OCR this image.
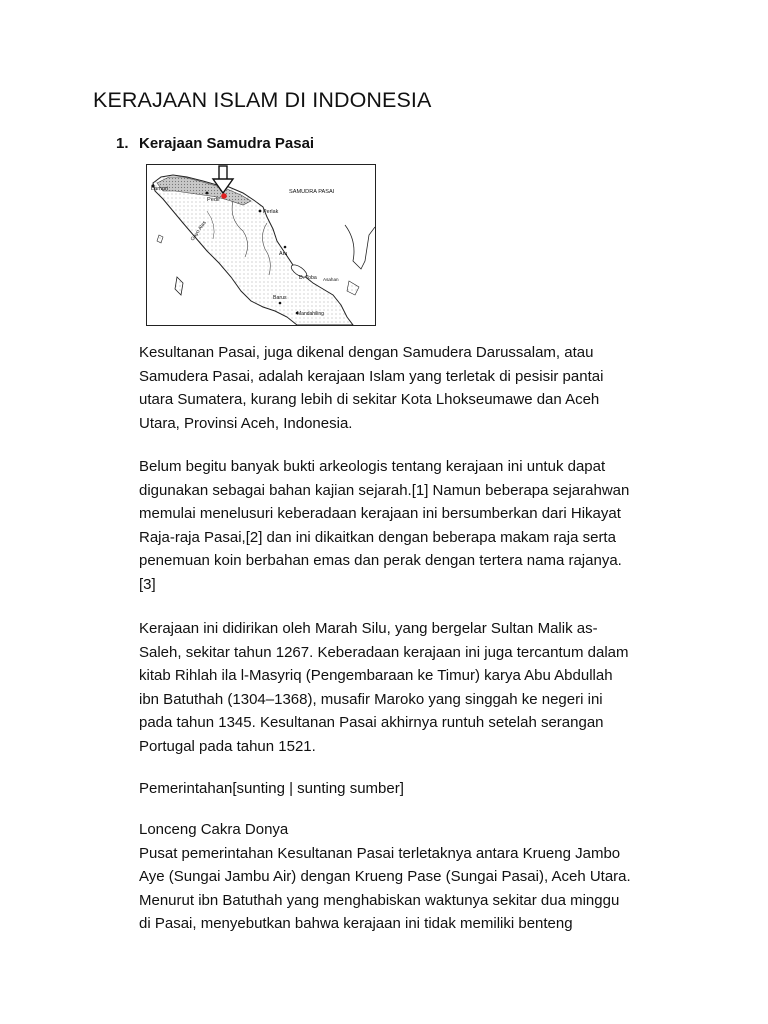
KERAJAAN ISLAM DI INDONESIA
1. Kerajaan Samudra Pasai
Lamuri
Pedir
SAMUDRA PASAI
Perlak
Gayo Alas
Aru
D. Toba Asahan
Barus
Mandahiling

Kesultanan Pasai, juga dikenal dengan Samudera Darussalam, atau
Samudera Pasai, adalah kerajaan Islam yang terletak di pesisir pantai
utara Sumatera, kurang lebih di sekitar Kota Lhokseumawe dan Aceh
Utara, Provinsi Aceh, Indonesia.

Belum begitu banyak bukti arkeologis tentang kerajaan ini untuk dapat
digunakan sebagai bahan kajian sejarah.[1] Namun beberapa sejarahwan
memulai menelusuri keberadaan kerajaan ini bersumberkan dari Hikayat
Raja-raja Pasai,[2] dan ini dikaitkan dengan beberapa makam raja serta
penemuan koin berbahan emas dan perak dengan tertera nama rajanya.
[3]

Kerajaan ini didirikan oleh Marah Silu, yang bergelar Sultan Malik as-
Saleh, sekitar tahun 1267. Keberadaan kerajaan ini juga tercantum dalam
kitab Rihlah ila l-Masyriq (Pengembaraan ke Timur) karya Abu Abdullah
ibn Batuthah (1304–1368), musafir Maroko yang singgah ke negeri ini
pada tahun 1345. Kesultanan Pasai akhirnya runtuh setelah serangan
Portugal pada tahun 1521.

Pemerintahan[sunting | sunting sumber]

Lonceng Cakra Donya
Pusat pemerintahan Kesultanan Pasai terletaknya antara Krueng Jambo
Aye (Sungai Jambu Air) dengan Krueng Pase (Sungai Pasai), Aceh Utara.
Menurut ibn Batuthah yang menghabiskan waktunya sekitar dua minggu
di Pasai, menyebutkan bahwa kerajaan ini tidak memiliki benteng
